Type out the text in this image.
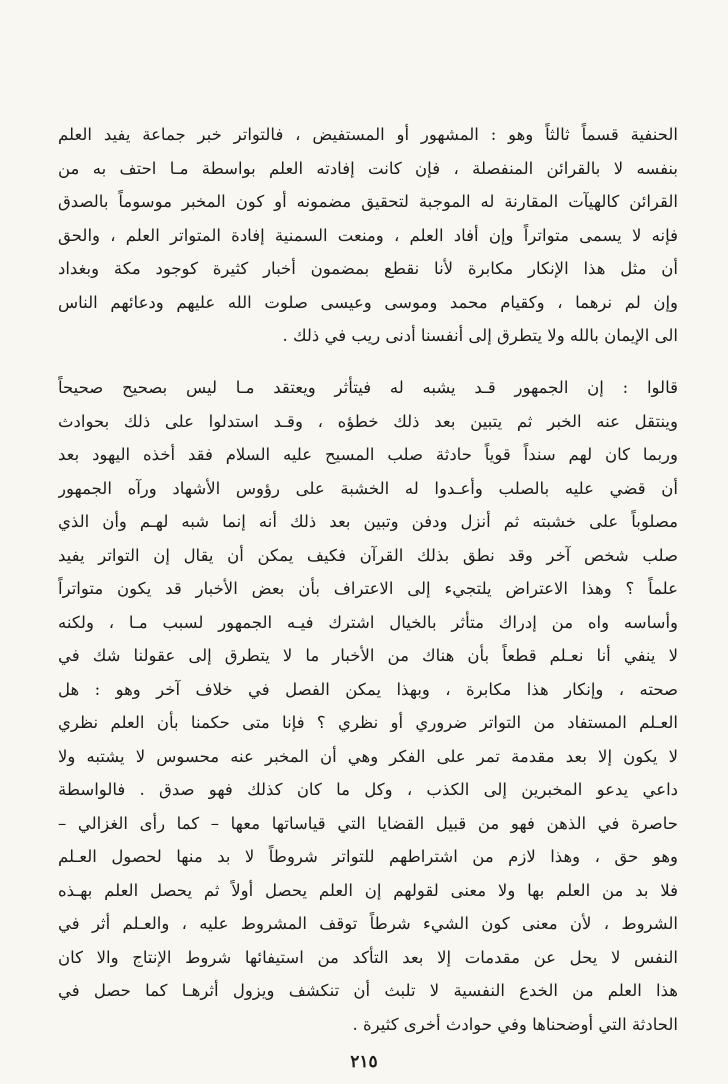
الحنفية قسماً ثالثاً وهو : المشهور أو المستفيض ، فالتواتر خبر جماعة يفيد العلم
بنفسه لا بالقرائن المنفصلة ، فإن كانت إفادته العلم بواسطة مـا احتف به من
القرائن كالهيآت المقارنة له الموجبة لتحقيق مضمونه أو كون المخبر موسوماً بالصدق
فإنه لا يسمى متواتراً وإن أفاد العلم ، ومنعت السمنية إفادة المتواتر العلم ، والحق
أن مثل هذا الإنكار مكابرة لأنا نقطع بمضمون أخبار كثيرة كوجود مكة وبغداد
وإن لم نرهما ، وكقيام محمد وموسى وعيسى صلوت الله عليهم ودعائهم الناس
الى الإيمان بالله ولا يتطرق إلى أنفسنا أدنى ريب في ذلك .
قالوا : إن الجمهور قـد يشبه له فيتأثر ويعتقد مـا ليس بصحيح صحيحاً
وينتقل عنه الخبر ثم يتبين بعد ذلك خطؤه ، وقـد استدلوا على ذلك بحوادث
وربما كان لهم سنداً قوياً حادثة صلب المسيح عليه السلام فقد أخذه اليهود بعد
أن قضي عليه بالصلب وأعـدوا له الخشبة على رؤوس الأشهاد ورآه الجمهور
مصلوباً على خشبته ثم أنزل ودفن وتبين بعد ذلك أنه إنما شبه لهـم وأن الذي
صلب شخص آخر وقد نطق بذلك القرآن فكيف يمكن أن يقال إن التواتر يفيد
علماً ؟ وهذا الاعتراض يلتجيء إلى الاعتراف بأن بعض الأخبار قد يكون متواتراً
وأساسه واه من إدراك متأثر بالخيال اشترك فيـه الجمهور لسبب مـا ، ولكنه
لا ينفي أنا نعـلم قطعاً بأن هناك من الأخبار ما لا يتطرق إلى عقولنا شك في
صحته ، وإنكار هذا مكابرة ، وبهذا يمكن الفصل في خلاف آخر وهو : هل
العـلم المستفاد من التواتر ضروري أو نظري ؟ فإنا متى حكمنا بأن العلم نظري
لا يكون إلا بعد مقدمة تمر على الفكر وهي أن المخبر عنه محسوس لا يشتبه ولا
داعي يدعو المخبرين إلى الكذب ، وكل ما كان كذلك فهو صدق . فالواسطة
حاصرة في الذهن فهو من قبيل القضايا التي قياساتها معها – كما رأى الغزالي –
وهو حق ، وهذا لازم من اشتراطهم للتواتر شروطاً لا بد منها لحصول العـلم
فلا بد من العلم بها ولا معنى لقولهم إن العلم يحصل أولاً ثم يحصل العلم بهـذه
الشروط ، لأن معنى كون الشيء شرطاً توقف المشروط عليه ، والعـلم أثر في
النفس لا يحل عن مقدمات إلا بعد التأكد من استيفائها شروط الإنتاج والا كان
هذا العلم من الخدع النفسية لا تلبث أن تنكشف ويزول أثرهـا كما حصل في
الحادثة التي أوضحناها وفي حوادث أخرى كثيرة .
٢١٥
